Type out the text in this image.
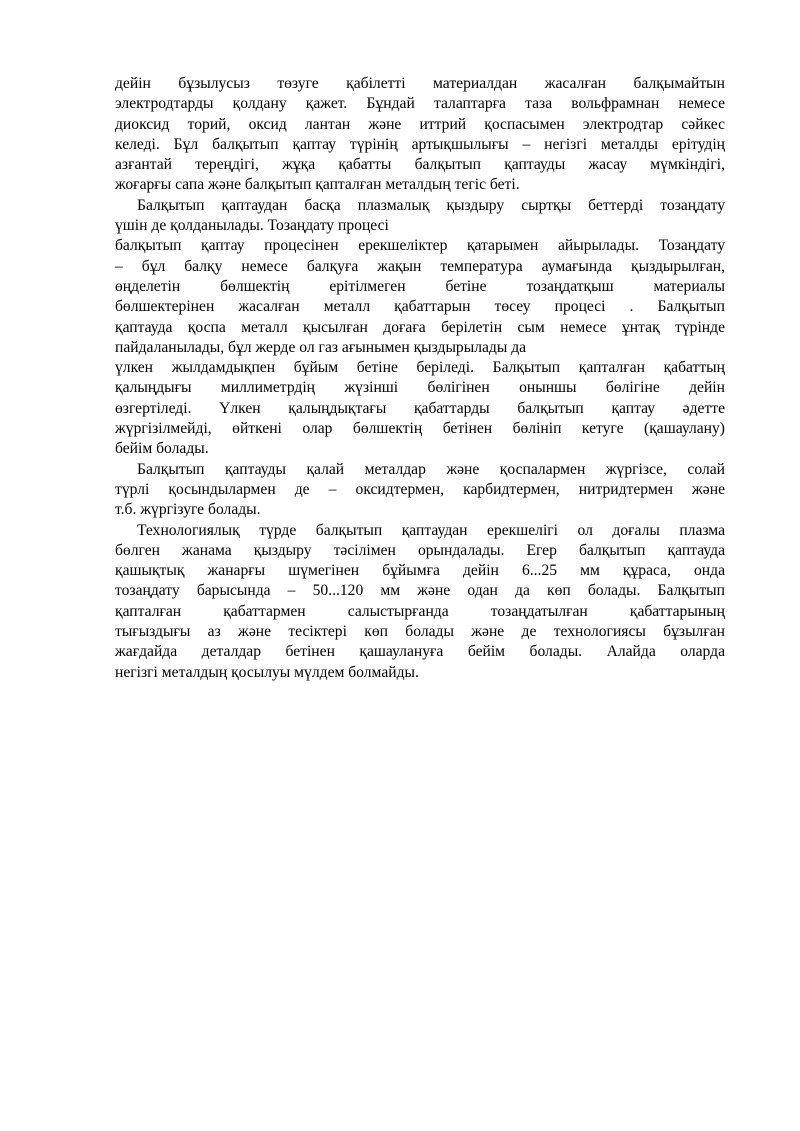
дейін бұзылусыз төзуге қабілетті материалдан жасалған балқымайтын
электродтарды қолдану қажет. Бұндай талаптарға таза вольфрамнан немесе
диоксид торий, оксид лантан және иттрий қоспасымен электродтар сәйкес
келеді. Бұл балқытып қаптау түрінің артықшылығы – негізгі металды ерітудің
азғантай тереңдігі, жұқа қабатты балқытып қаптауды жасау мүмкіндігі,
жоғарғы сапа және балқытып қапталған металдың тегіс беті.
Балқытып қаптаудан басқа плазмалық қыздыру сыртқы беттерді тозаңдату
үшін де қолданылады. Тозаңдату процесі
балқытып қаптау процесінен ерекшеліктер қатарымен айырылады. Тозаңдату
– бұл балқу немесе балқуға жақын температура аумағында қыздырылған,
өңделетін бөлшектің ерітілмеген бетіне тозаңдатқыш материалы
бөлшектерінен жасалған металл қабаттарын төсеу процесі . Балқытып
қаптауда қоспа металл қысылған доғаға берілетін сым немесе ұнтақ түрінде
пайдаланылады, бұл жерде ол газ ағынымен қыздырылады да
үлкен жылдамдықпен бұйым бетіне беріледі. Балқытып қапталған қабаттың
қалыңдығы миллиметрдің жүзінші бөлігінен оныншы бөлігіне дейін
өзгертіледі. Үлкен қалыңдықтағы қабаттарды балқытып қаптау әдетте
жүргізілмейді, өйткені олар бөлшектің бетінен бөлініп кетуге (қашаулану)
бейім болады.
Балқытып қаптауды қалай металдар және қоспалармен жүргізсе, солай
түрлі қосындылармен де – оксидтермен, карбидтермен, нитридтермен және
т.б. жүргізуге болады.
Технологиялық түрде балқытып қаптаудан ерекшелігі ол доғалы плазма
бөлген жанама қыздыру тәсілімен орындалады. Егер балқытып қаптауда
қашықтық жанарғы шүмегінен бұйымға дейін 6...25 мм құраса, онда
тозаңдату барысында – 50...120 мм және одан да көп болады. Балқытып
қапталған қабаттармен салыстырғанда тозаңдатылған қабаттарының
тығыздығы аз және тесіктері көп болады және де технологиясы бұзылған
жағдайда деталдар бетінен қашаулануға бейім болады. Алайда оларда
негізгі металдың қосылуы мүлдем болмайды.
